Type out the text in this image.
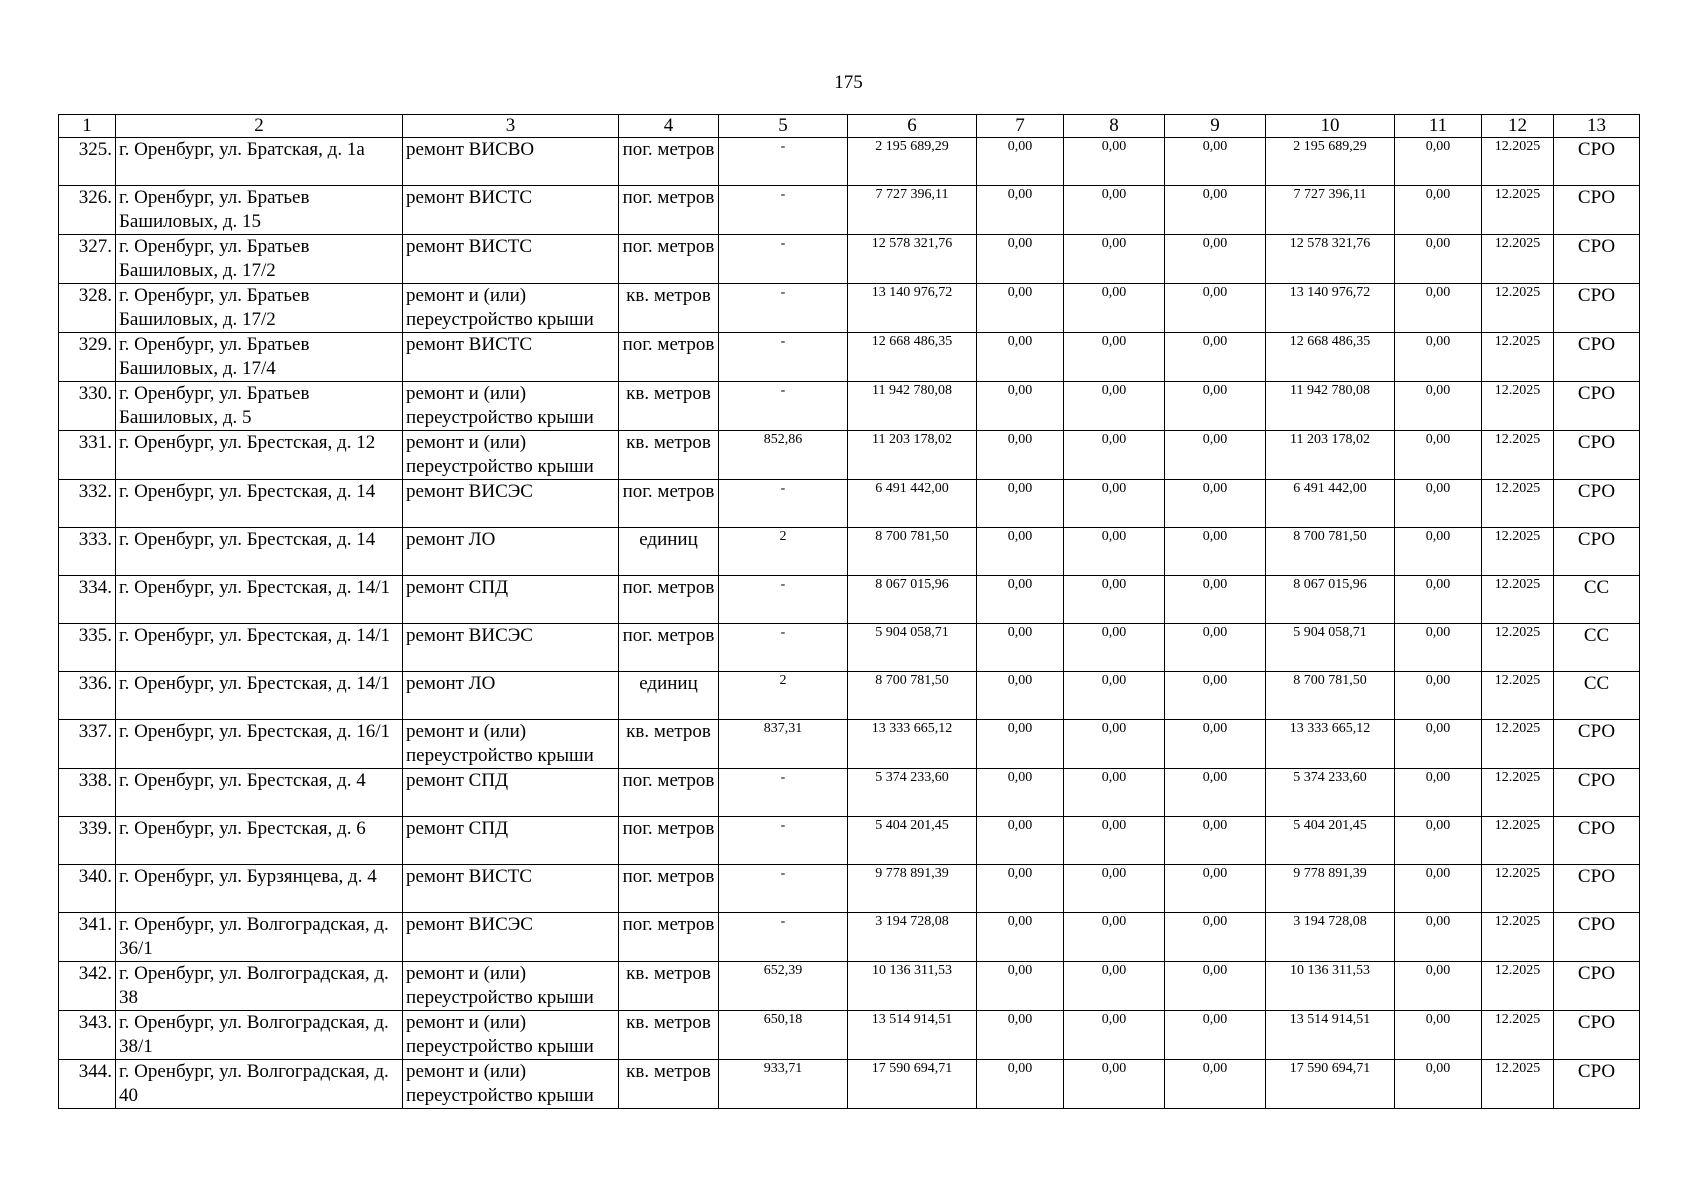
175
1	2	3	4	5	6	7	8	9	10	11	12	13
325.	г. Оренбург, ул. Братская, д. 1а	ремонт ВИСВО	пог. метров	-	2 195 689,29	0,00	0,00	0,00	2 195 689,29	0,00	12.2025	СРО
326.	г. Оренбург, ул. Братьев Башиловых, д. 15	ремонт ВИСТС	пог. метров	-	7 727 396,11	0,00	0,00	0,00	7 727 396,11	0,00	12.2025	СРО
327.	г. Оренбург, ул. Братьев Башиловых, д. 17/2	ремонт ВИСТС	пог. метров	-	12 578 321,76	0,00	0,00	0,00	12 578 321,76	0,00	12.2025	СРО
328.	г. Оренбург, ул. Братьев Башиловых, д. 17/2	ремонт и (или) переустройство крыши	кв. метров	-	13 140 976,72	0,00	0,00	0,00	13 140 976,72	0,00	12.2025	СРО
329.	г. Оренбург, ул. Братьев Башиловых, д. 17/4	ремонт ВИСТС	пог. метров	-	12 668 486,35	0,00	0,00	0,00	12 668 486,35	0,00	12.2025	СРО
330.	г. Оренбург, ул. Братьев Башиловых, д. 5	ремонт и (или) переустройство крыши	кв. метров	-	11 942 780,08	0,00	0,00	0,00	11 942 780,08	0,00	12.2025	СРО
331.	г. Оренбург, ул. Брестская, д. 12	ремонт и (или) переустройство крыши	кв. метров	852,86	11 203 178,02	0,00	0,00	0,00	11 203 178,02	0,00	12.2025	СРО
332.	г. Оренбург, ул. Брестская, д. 14	ремонт ВИСЭС	пог. метров	-	6 491 442,00	0,00	0,00	0,00	6 491 442,00	0,00	12.2025	СРО
333.	г. Оренбург, ул. Брестская, д. 14	ремонт ЛО	единиц	2	8 700 781,50	0,00	0,00	0,00	8 700 781,50	0,00	12.2025	СРО
334.	г. Оренбург, ул. Брестская, д. 14/1	ремонт СПД	пог. метров	-	8 067 015,96	0,00	0,00	0,00	8 067 015,96	0,00	12.2025	СС
335.	г. Оренбург, ул. Брестская, д. 14/1	ремонт ВИСЭС	пог. метров	-	5 904 058,71	0,00	0,00	0,00	5 904 058,71	0,00	12.2025	СС
336.	г. Оренбург, ул. Брестская, д. 14/1	ремонт ЛО	единиц	2	8 700 781,50	0,00	0,00	0,00	8 700 781,50	0,00	12.2025	СС
337.	г. Оренбург, ул. Брестская, д. 16/1	ремонт и (или) переустройство крыши	кв. метров	837,31	13 333 665,12	0,00	0,00	0,00	13 333 665,12	0,00	12.2025	СРО
338.	г. Оренбург, ул. Брестская, д. 4	ремонт СПД	пог. метров	-	5 374 233,60	0,00	0,00	0,00	5 374 233,60	0,00	12.2025	СРО
339.	г. Оренбург, ул. Брестская, д. 6	ремонт СПД	пог. метров	-	5 404 201,45	0,00	0,00	0,00	5 404 201,45	0,00	12.2025	СРО
340.	г. Оренбург, ул. Бурзянцева, д. 4	ремонт ВИСТС	пог. метров	-	9 778 891,39	0,00	0,00	0,00	9 778 891,39	0,00	12.2025	СРО
341.	г. Оренбург, ул. Волгоградская, д. 36/1	ремонт ВИСЭС	пог. метров	-	3 194 728,08	0,00	0,00	0,00	3 194 728,08	0,00	12.2025	СРО
342.	г. Оренбург, ул. Волгоградская, д. 38	ремонт и (или) переустройство крыши	кв. метров	652,39	10 136 311,53	0,00	0,00	0,00	10 136 311,53	0,00	12.2025	СРО
343.	г. Оренбург, ул. Волгоградская, д. 38/1	ремонт и (или) переустройство крыши	кв. метров	650,18	13 514 914,51	0,00	0,00	0,00	13 514 914,51	0,00	12.2025	СРО
344.	г. Оренбург, ул. Волгоградская, д. 40	ремонт и (или) переустройство крыши	кв. метров	933,71	17 590 694,71	0,00	0,00	0,00	17 590 694,71	0,00	12.2025	СРО
